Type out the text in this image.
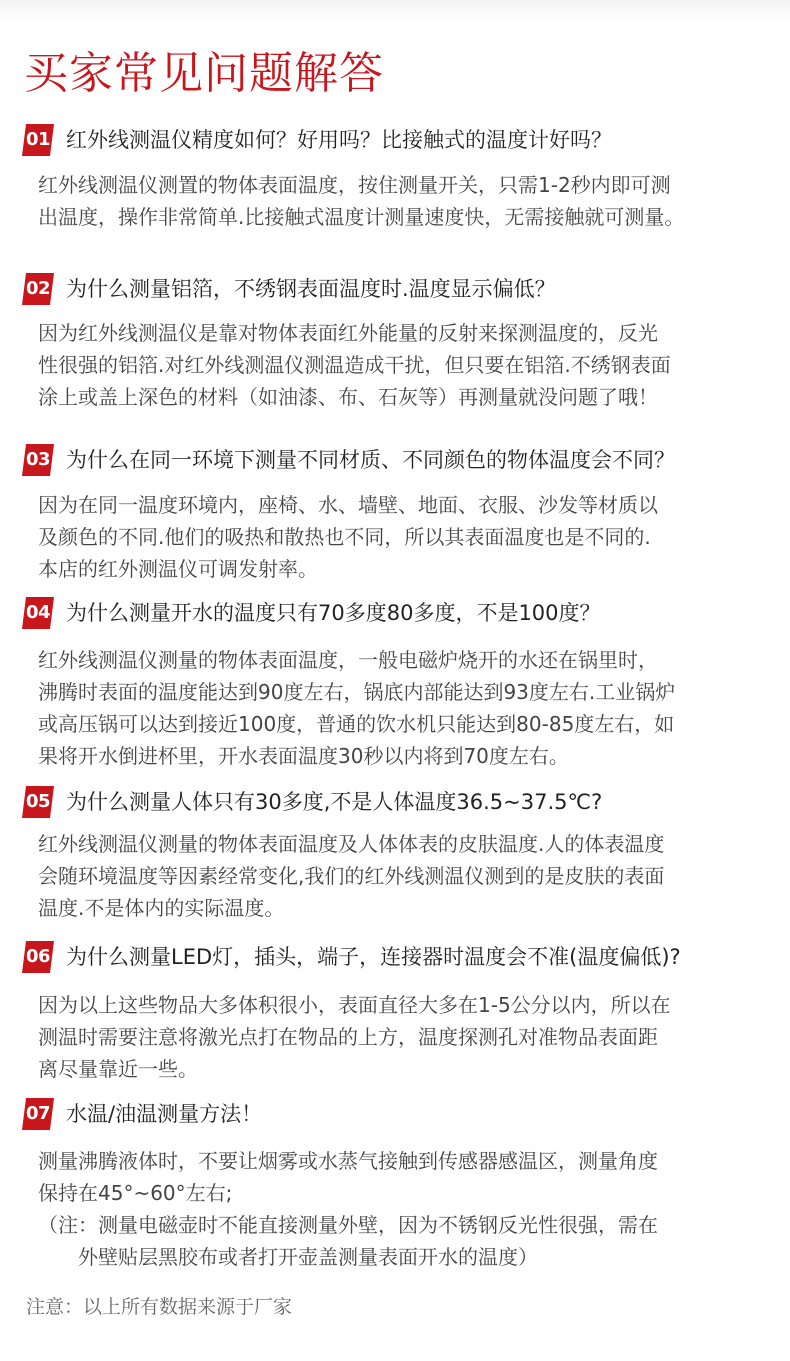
买家常见问题解答
01 红外线测温仪精度如何？好用吗？比接触式的温度计好吗？

红外线测温仪测置的物体表面温度，按住测量开关，只需1-2秒内即可测

出温度，操作非常简单.比接触式温度计测量速度快，无需接触就可测量。

02 为什么测量铝箔，不绣钢表面温度时.温度显示偏低？

因为红外线测温仪是靠对物体表面红外能量的反射来探测温度的，反光

性很强的铝箔.对红外线测温仪测温造成干扰，但只要在铝箔.不绣钢表面

涂上或盖上深色的材料（如油漆、布、石灰等）再测量就没问题了哦！

03 为什么在同一环境下测量不同材质、不同颜色的物体温度会不同？

因为在同一温度环境内，座椅、水、墙壁、地面、衣服、沙发等材质以

及颜色的不同.他们的吸热和散热也不同，所以其表面温度也是不同的.

本店的红外测温仪可调发射率。

04 为什么测量开水的温度只有70多度80多度，不是100度？

红外线测温仪测量的物体表面温度，一般电磁炉烧开的水还在锅里时，

沸腾时表面的温度能达到90度左右，锅底内部能达到93度左右.工业锅炉

或高压锅可以达到接近100度，普通的饮水机只能达到80-85度左右，如

果将开水倒进杯里，开水表面温度30秒以内将到70度左右。

05 为什么测量人体只有30多度,不是人体温度36.5~37.5℃?

红外线测温仪测量的物体表面温度及人体体表的皮肤温度.人的体表温度

会随环境温度等因素经常变化,我们的红外线测温仪测到的是皮肤的表面

温度.不是体内的实际温度。

06 为什么测量LED灯，插头，端子，连接器时温度会不准(温度偏低)?

因为以上这些物品大多体积很小，表面直径大多在1-5公分以内，所以在

测温时需要注意将激光点打在物品的上方，温度探测孔对准物品表面距

离尽量靠近一些。

07 水温/油温测量方法！

测量沸腾液体时，不要让烟雾或水蒸气接触到传感器感温区，测量角度

保持在45°~60°左右;

（注：测量电磁壶时不能直接测量外壁，因为不锈钢反光性很强，需在

外壁贴层黑胶布或者打开壶盖测量表面开水的温度）

注意：以上所有数据来源于厂家
